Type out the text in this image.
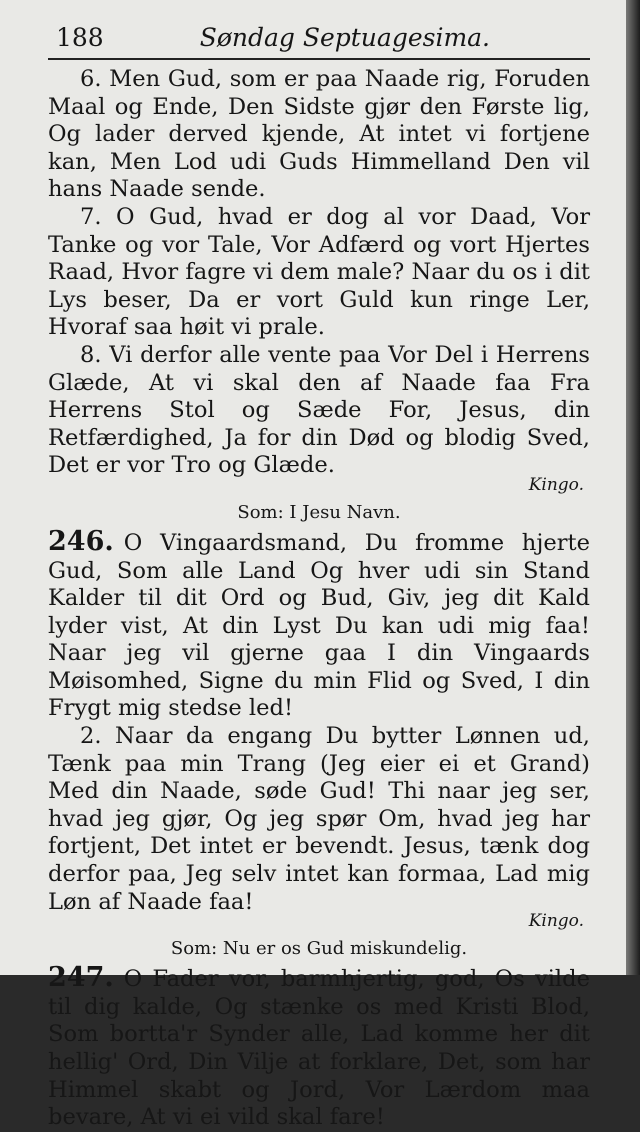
188	Søndag Septuagesima.

6. Men Gud, som er paa Naade rig, Foruden Maal og Ende, Den Sidste gjør den Første lig, Og lader derved kjende, At intet vi fortjene kan, Men Lod udi Guds Himmelland Den vil hans Naade sende.

7. O Gud, hvad er dog al vor Daad, Vor Tanke og vor Tale, Vor Adfærd og vort Hjertes Raad, Hvor fagre vi dem male? Naar du os i dit Lys beser, Da er vort Guld kun ringe Ler, Hvoraf saa høit vi prale.

8. Vi derfor alle vente paa Vor Del i Herrens Glæde, At vi skal den af Naade faa Fra Herrens Stol og Sæde For, Jesus, din Retfærdighed, Ja for din Død og blodig Sved, Det er vor Tro og Glæde.

Kingo.
Som: I Jesu Navn.

246. O Vingaardsmand, Du fromme hjerte Gud, Som alle Land Og hver udi sin Stand Kalder til dit Ord og Bud, Giv, jeg dit Kald lyder vist, At din Lyst Du kan udi mig faa! Naar jeg vil gjerne gaa I din Vingaards Møisomhed, Signe du min Flid og Sved, I din Frygt mig stedse led!

2. Naar da engang Du bytter Lønnen ud, Tænk paa min Trang (Jeg eier ei et Grand) Med din Naade, søde Gud! Thi naar jeg ser, hvad jeg gjør, Og jeg spør Om, hvad jeg har fortjent, Det intet er bevendt. Jesus, tænk dog derfor paa, Jeg selv intet kan formaa, Lad mig Løn af Naade faa!

Kingo.
Som: Nu er os Gud miskundelig.

247. O Fader vor, barmhjertig, god, Os vilde til dig kalde, Og stænke os med Kristi Blod, Som bortta'r Synder alle, Lad komme her dit hellig' Ord, Din Vilje at forklare, Det, som har Himmel skabt og Jord, Vor Lærdom maa bevare, At vi ei vild skal fare!
